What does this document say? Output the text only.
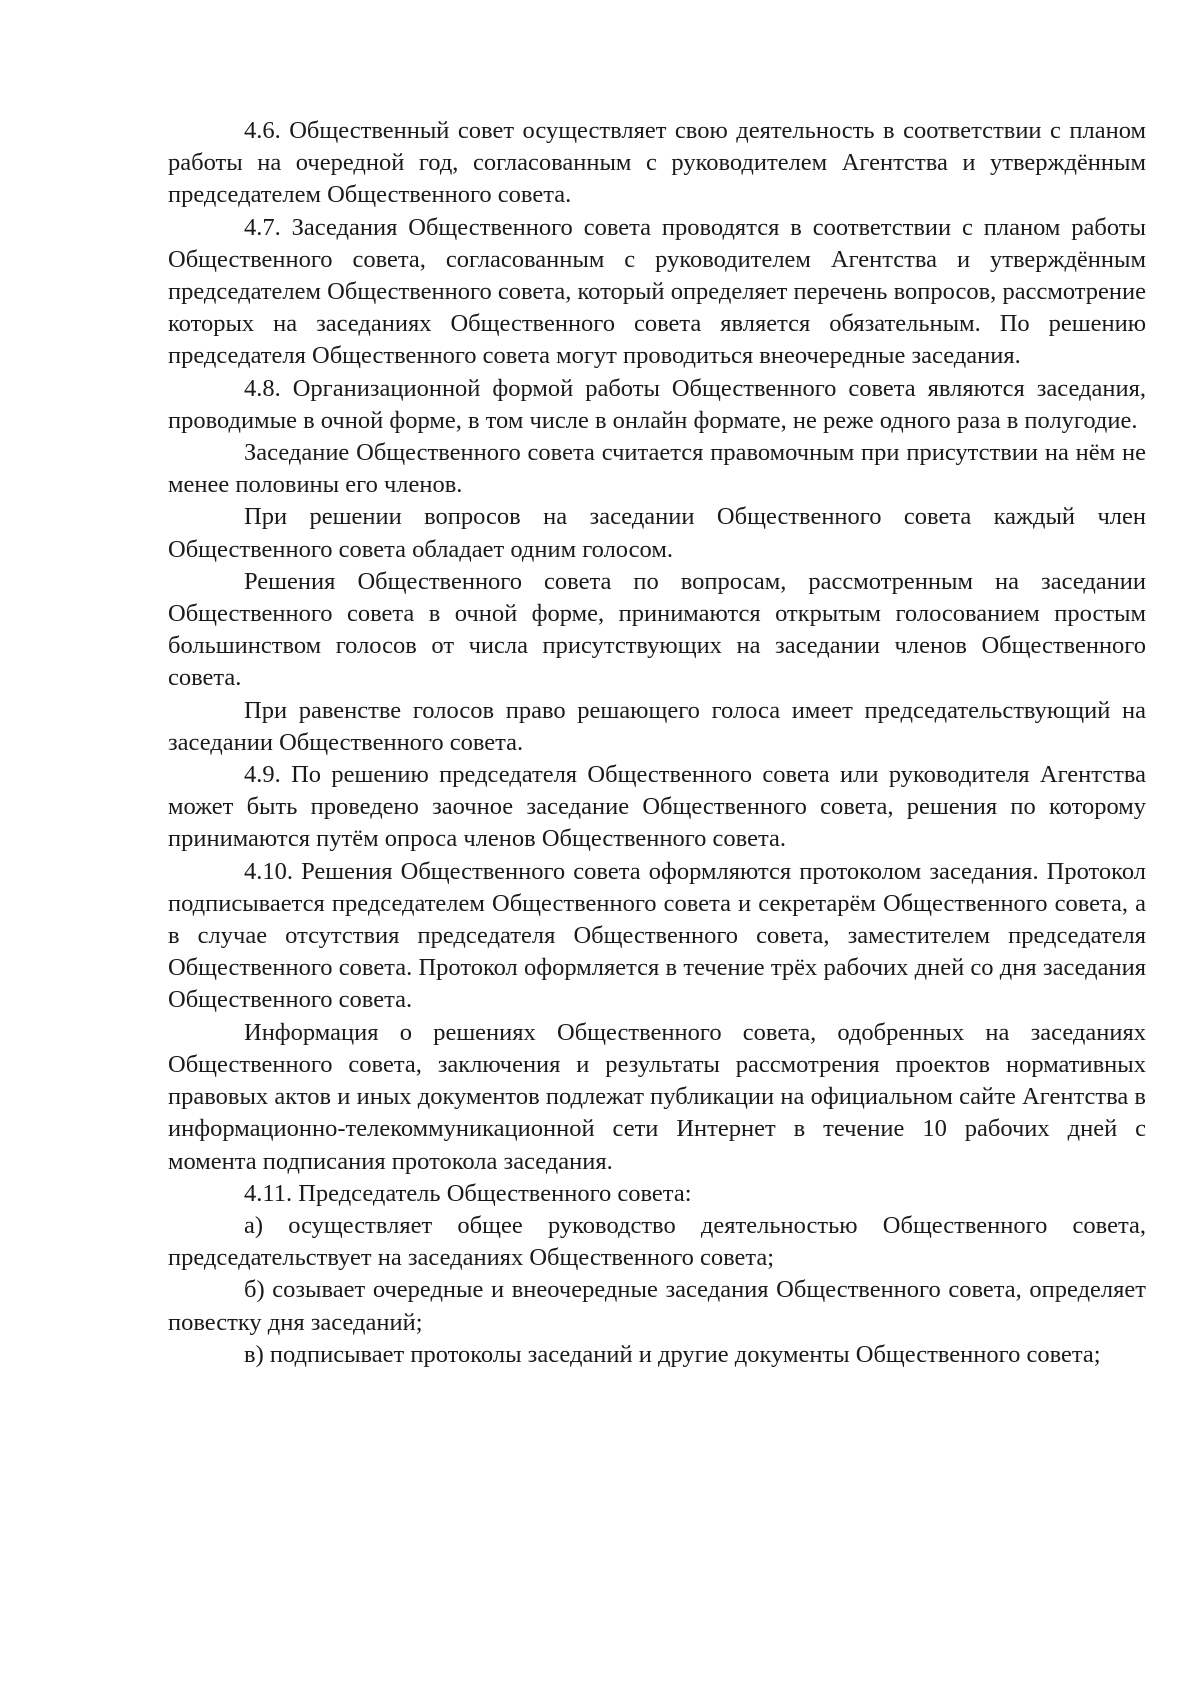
4.6. Общественный совет осуществляет свою деятельность в соответствии с планом работы на очередной год, согласованным с руководителем Агентства и утверждённым председателем Общественного совета.

4.7. Заседания Общественного совета проводятся в соответствии с планом работы Общественного совета, согласованным с руководителем Агентства и утверждённым председателем Общественного совета, который определяет перечень вопросов, рассмотрение которых на заседаниях Общественного совета является обязательным. По решению председателя Общественного совета могут проводиться внеочередные заседания.

4.8. Организационной формой работы Общественного совета являются заседания, проводимые в очной форме, в том числе в онлайн формате, не реже одного раза в полугодие.

Заседание Общественного совета считается правомочным при присутствии на нём не менее половины его членов.

При решении вопросов на заседании Общественного совета каждый член Общественного совета обладает одним голосом.

Решения Общественного совета по вопросам, рассмотренным на заседании Общественного совета в очной форме, принимаются открытым голосованием простым большинством голосов от числа присутствующих на заседании членов Общественного совета.

При равенстве голосов право решающего голоса имеет председательствующий на заседании Общественного совета.

4.9. По решению председателя Общественного совета или руководителя Агентства может быть проведено заочное заседание Общественного совета, решения по которому принимаются путём опроса членов Общественного совета.

4.10. Решения Общественного совета оформляются протоколом заседания. Протокол подписывается председателем Общественного совета и секретарём Общественного совета, а в случае отсутствия председателя Общественного совета, заместителем председателя Общественного совета. Протокол оформляется в течение трёх рабочих дней со дня заседания Общественного совета.

Информация о решениях Общественного совета, одобренных на заседаниях Общественного совета, заключения и результаты рассмотрения проектов нормативных правовых актов и иных документов подлежат публикации на официальном сайте Агентства в информационно-телекоммуникационной сети Интернет в течение 10 рабочих дней с момента подписания протокола заседания.

4.11. Председатель Общественного совета:

а) осуществляет общее руководство деятельностью Общественного совета, председательствует на заседаниях Общественного совета;

б) созывает очередные и внеочередные заседания Общественного совета, определяет повестку дня заседаний;

в) подписывает протоколы заседаний и другие документы Общественного совета;
